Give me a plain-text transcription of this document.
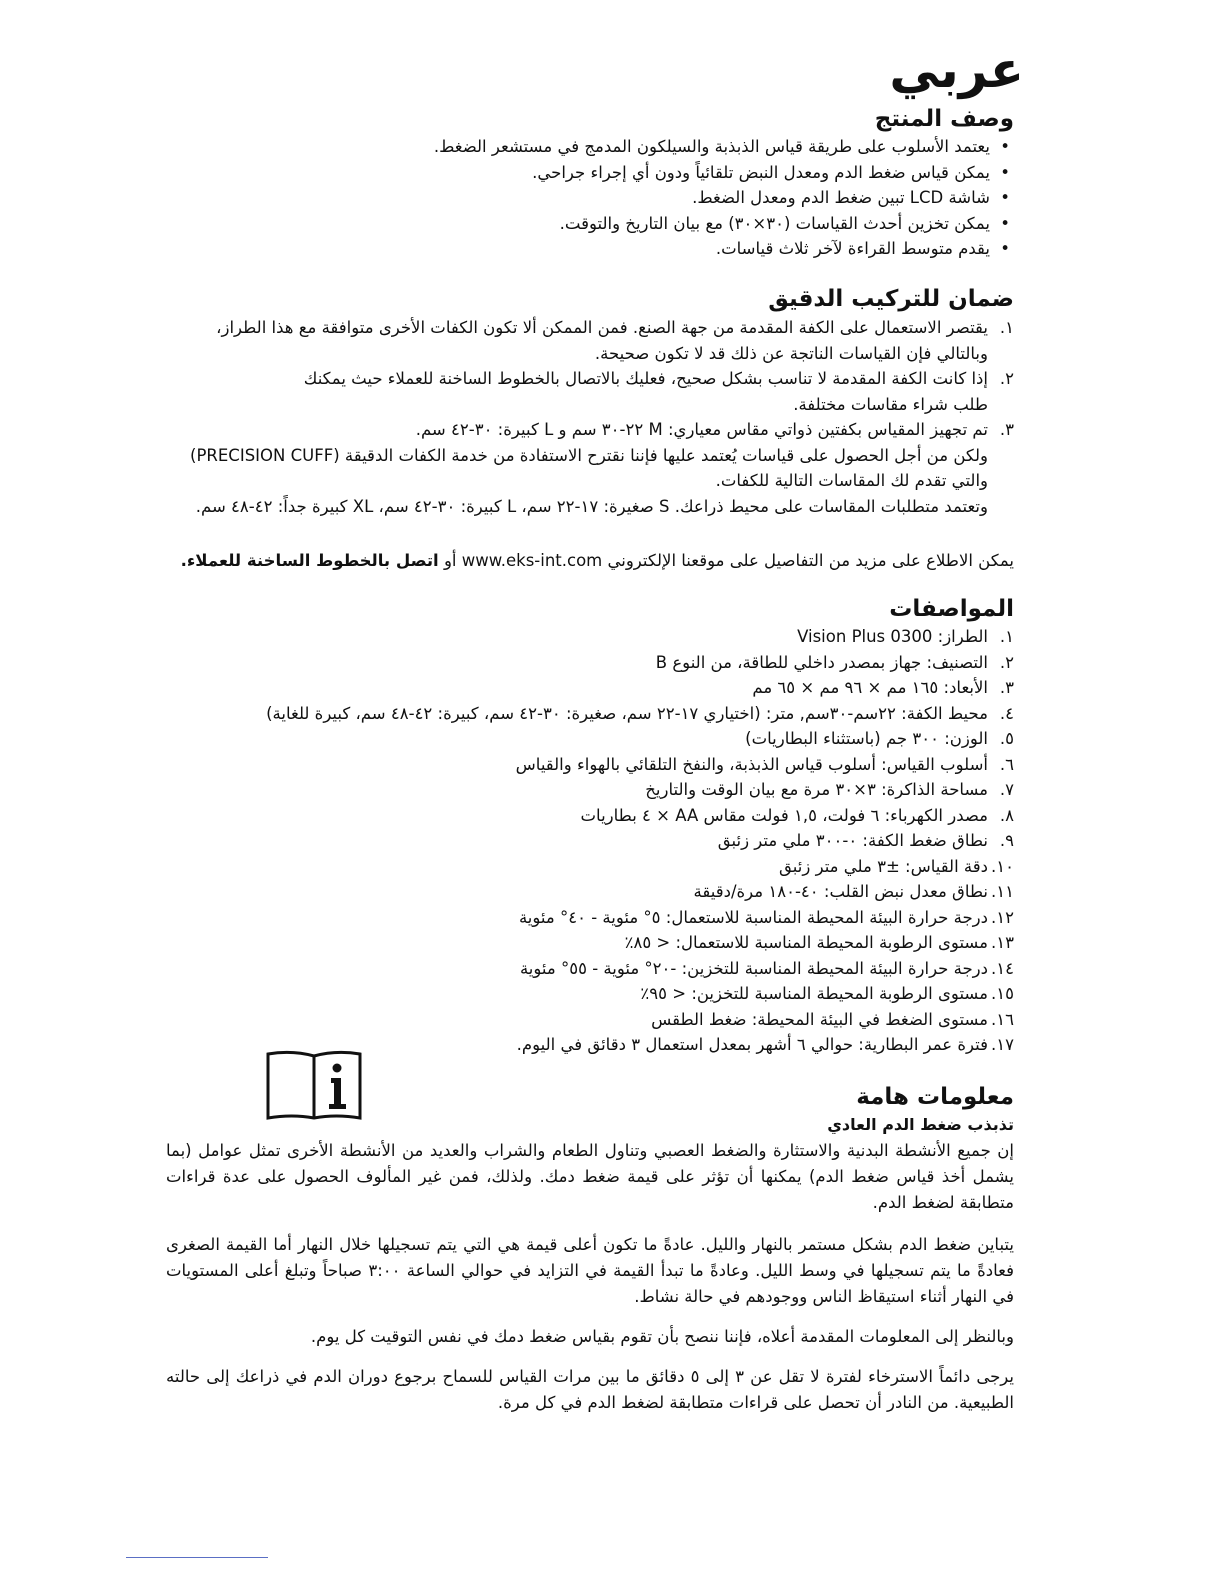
عربي
وصف المنتج
• يعتمد الأسلوب على طريقة قياس الذبذبة والسيلكون المدمج في مستشعر الضغط.
• يمكن قياس ضغط الدم ومعدل النبض تلقائياً ودون أي إجراء جراحي.
• شاشة LCD تبين ضغط الدم ومعدل الضغط.
• يمكن تخزين أحدث القياسات (٣٠×٣٠) مع بيان التاريخ والتوقت.
• يقدم متوسط القراءة لآخر ثلاث قياسات.
ضمان للتركيب الدقيق
١.
يقتصر الاستعمال على الكفة المقدمة من جهة الصنع. فمن الممكن ألا تكون الكفات الأخرى متوافقة مع هذا الطراز،
وبالتالي فإن القياسات الناتجة عن ذلك قد لا تكون صحيحة.
٢.
إذا كانت الكفة المقدمة لا تناسب بشكل صحيح، فعليك بالاتصال بالخطوط الساخنة للعملاء حيث يمكنك
طلب شراء مقاسات مختلفة.
٣.
تم تجهيز المقياس بكفتين ذواتي مقاس معياري: M ٢٢-٣٠ سم و L كبيرة: ٣٠-٤٢ سم.
ولكن من أجل الحصول على قياسات يُعتمد عليها فإننا نقترح الاستفادة من خدمة الكفات الدقيقة (PRECISION CUFF)
والتي تقدم لك المقاسات التالية للكفات.
وتعتمد متطلبات المقاسات على محيط ذراعك. S صغيرة: ١٧-٢٢ سم، L كبيرة: ٣٠-٤٢ سم، XL كبيرة جداً: ٤٢-٤٨ سم.
يمكن الاطلاع على مزيد من التفاصيل على موقعنا الإلكتروني www.eks-int.com أو اتصل بالخطوط الساخنة للعملاء.
المواصفات
١.
الطراز: Vision Plus 0300
٢.
التصنيف: جهاز بمصدر داخلي للطاقة، من النوع B
٣.
الأبعاد: ١٦٥ مم × ٩٦ مم × ٦٥ مم
٤.
محيط الكفة: ٢٢سم-٣٠سم, متر: (اختياري ١٧-٢٢ سم، صغيرة: ٣٠-٤٢ سم، كبيرة: ٤٢-٤٨ سم، كبيرة للغاية)
٥.
الوزن: ٣٠٠ جم (باستثناء البطاريات)
٦.
أسلوب القياس: أسلوب قياس الذبذبة، والنفخ التلقائي بالهواء والقياس
٧.
مساحة الذاكرة: ٣×٣٠ مرة مع بيان الوقت والتاريخ
٨.
مصدر الكهرباء: ٦ فولت، ١,٥ فولت مقاس AA × ٤ بطاريات
٩.
نطاق ضغط الكفة: ٠-٣٠٠ ملي متر زئبق
١٠.
دقة القياس: ±٣ ملي متر زئبق
١١.
نطاق معدل نبض القلب: ٤٠-١٨٠ مرة/دقيقة
١٢.
درجة حرارة البيئة المحيطة المناسبة للاستعمال: ٥° مئوية - ٤٠° مئوية
١٣.
مستوى الرطوبة المحيطة المناسبة للاستعمال: < ٨٥٪
١٤.
درجة حرارة البيئة المحيطة المناسبة للتخزين: -٢٠° مئوية - ٥٥° مئوية
١٥.
مستوى الرطوبة المحيطة المناسبة للتخزين: < ٩٥٪
١٦.
مستوى الضغط في البيئة المحيطة: ضغط الطقس
١٧.
فترة عمر البطارية: حوالي ٦ أشهر بمعدل استعمال ٣ دقائق في اليوم.
معلومات هامة
تذبذب ضغط الدم العادي
إن جميع الأنشطة البدنية والاستثارة والضغط العصبي وتناول الطعام والشراب والعديد من الأنشطة الأخرى تمثل عوامل (بما يشمل أخذ قياس ضغط الدم) يمكنها أن تؤثر على قيمة ضغط دمك. ولذلك، فمن غير المألوف الحصول على عدة قراءات متطابقة لضغط الدم.
يتباين ضغط الدم بشكل مستمر بالنهار والليل. عادةً ما تكون أعلى قيمة هي التي يتم تسجيلها خلال النهار أما القيمة الصغرى فعادةً ما يتم تسجيلها في وسط الليل. وعادةً ما تبدأ القيمة في التزايد في حوالي الساعة ٣:٠٠ صباحاً وتبلغ أعلى المستويات في النهار أثناء استيقاظ الناس ووجودهم في حالة نشاط.
وبالنظر إلى المعلومات المقدمة أعلاه، فإننا ننصح بأن تقوم بقياس ضغط دمك في نفس التوقيت كل يوم.
يرجى دائماً الاسترخاء لفترة لا تقل عن ٣ إلى ٥ دقائق ما بين مرات القياس للسماح برجوع دوران الدم في ذراعك إلى حالته الطبيعية. من النادر أن تحصل على قراءات متطابقة لضغط الدم في كل مرة.
